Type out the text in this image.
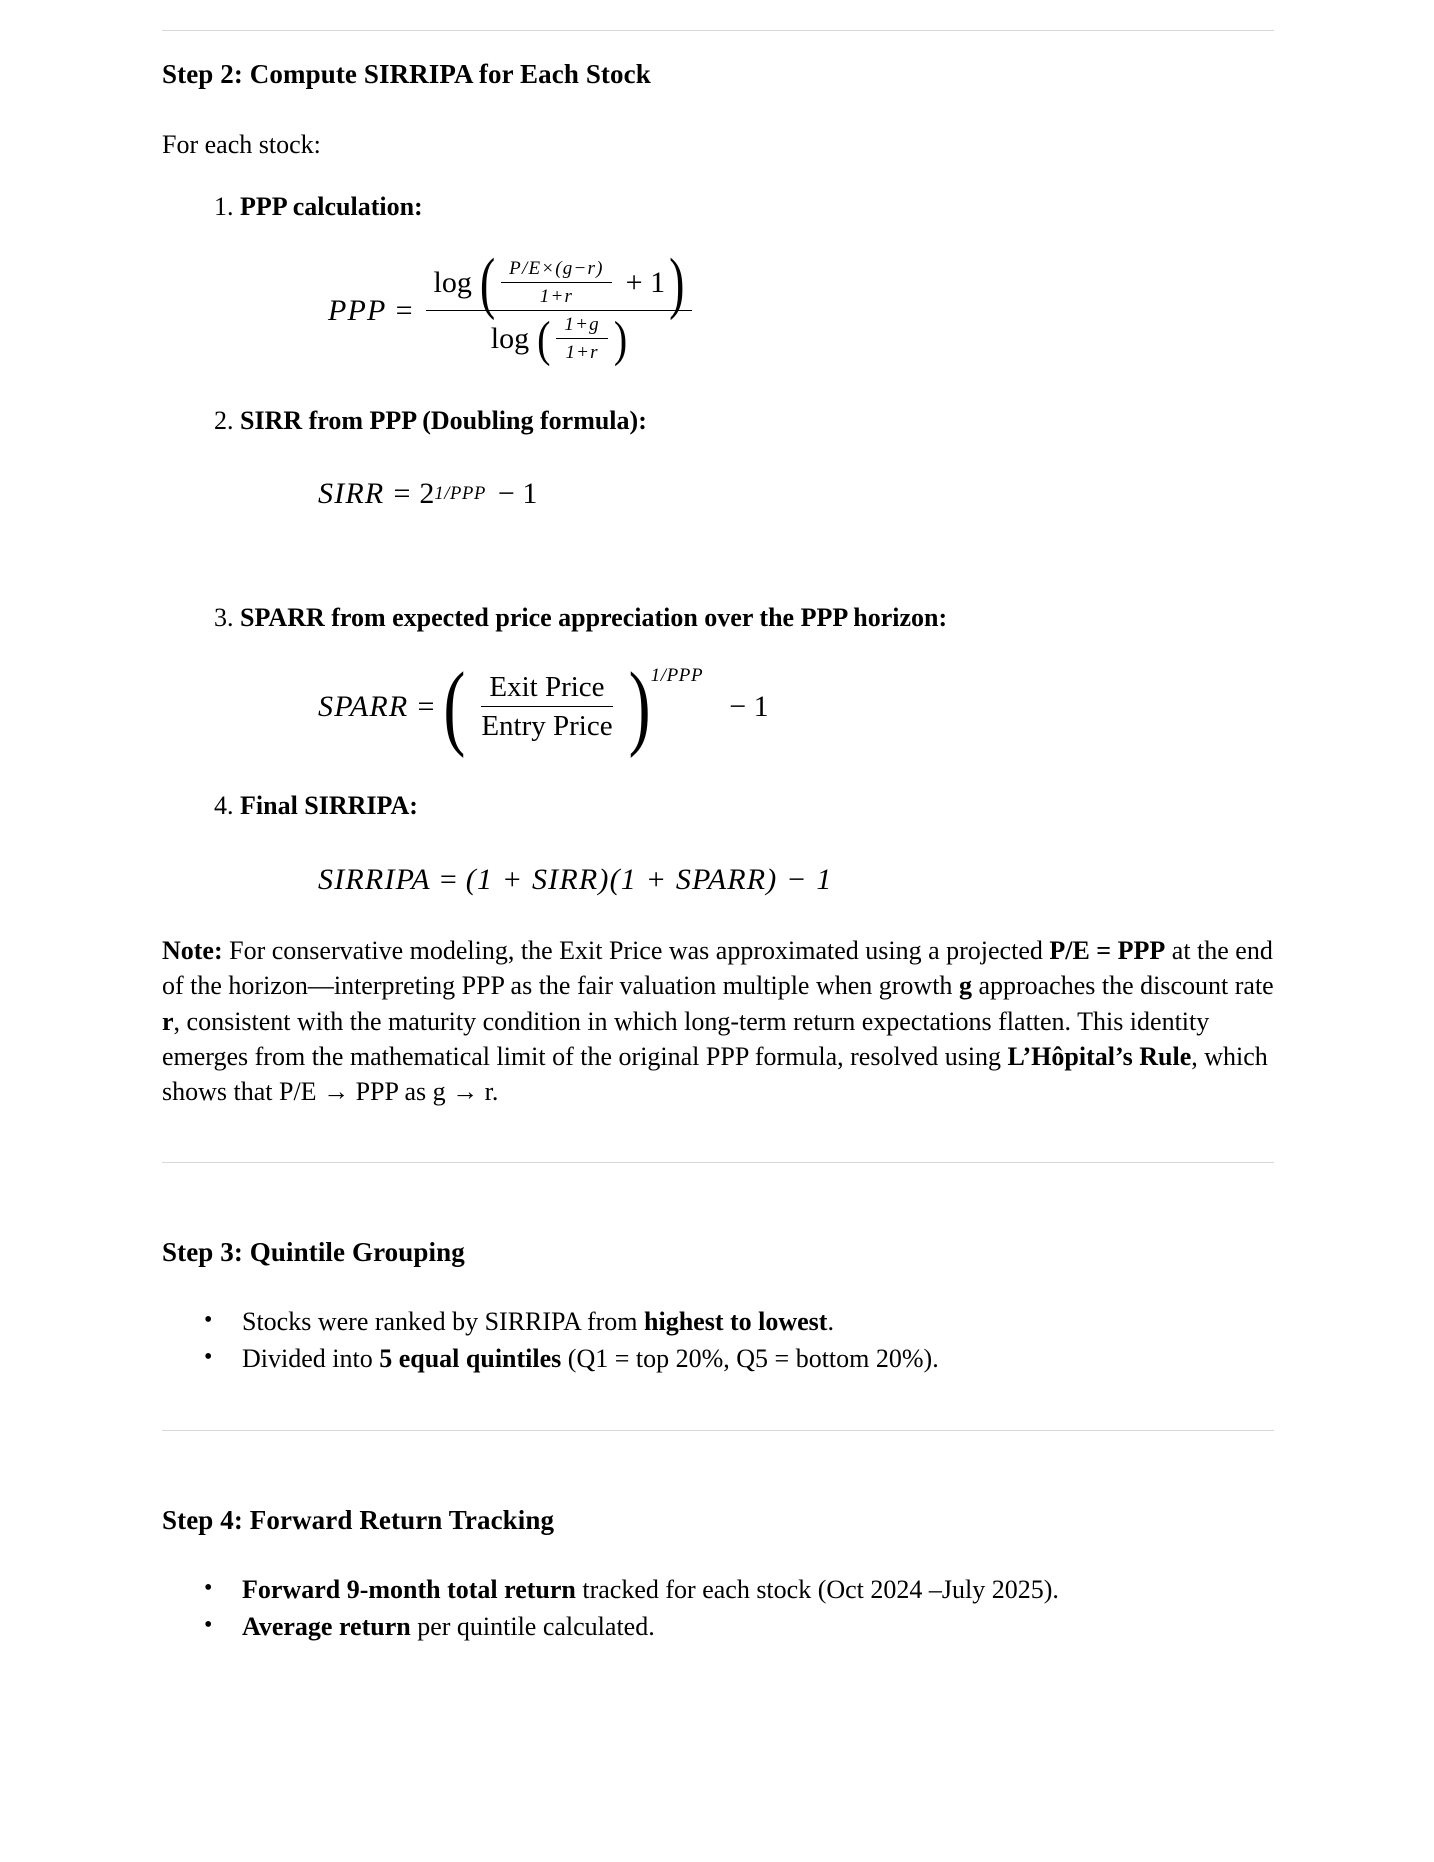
Step 2: Compute SIRRIPA for Each Stock

For each stock:

1. PPP calculation:
PPP =
log ( $\frac{P/E\times(g-r)}{1+r} + 1$ )
log ( $\frac{1+g}{1+r}$ )
2. SIRR from PPP (Doubling formula):
SIRR = 2 1/PPP − 1
3. SPARR from expected price appreciation over the PPP horizon:
SPARR = ( $\frac{\text{Exit Price}}{\text{Entry Price}}$ ) 1/PPP
− 1
4. Final SIRRIPA:
SIRRIPA = (1 + SIRR)(1 + SPARR) − 1

Note: For conservative modeling, the Exit Price was approximated using a projected P/E = PPP at the end of the horizon—interpreting PPP as the fair valuation multiple when growth g approaches the discount rate r, consistent with the maturity condition in which long-term return expectations flatten. This identity emerges from the mathematical limit of the original PPP formula, resolved using L’Hôpital’s Rule, which shows that P/E → PPP as g → r.

Step 3: Quintile Grouping
• Stocks were ranked by SIRRIPA from highest to lowest.
• Divided into 5 equal quintiles (Q1 = top 20%, Q5 = bottom 20%).
Step 4: Forward Return Tracking
• Forward 9-month total return tracked for each stock (Oct 2024 –July 2025).
• Average return per quintile calculated.
